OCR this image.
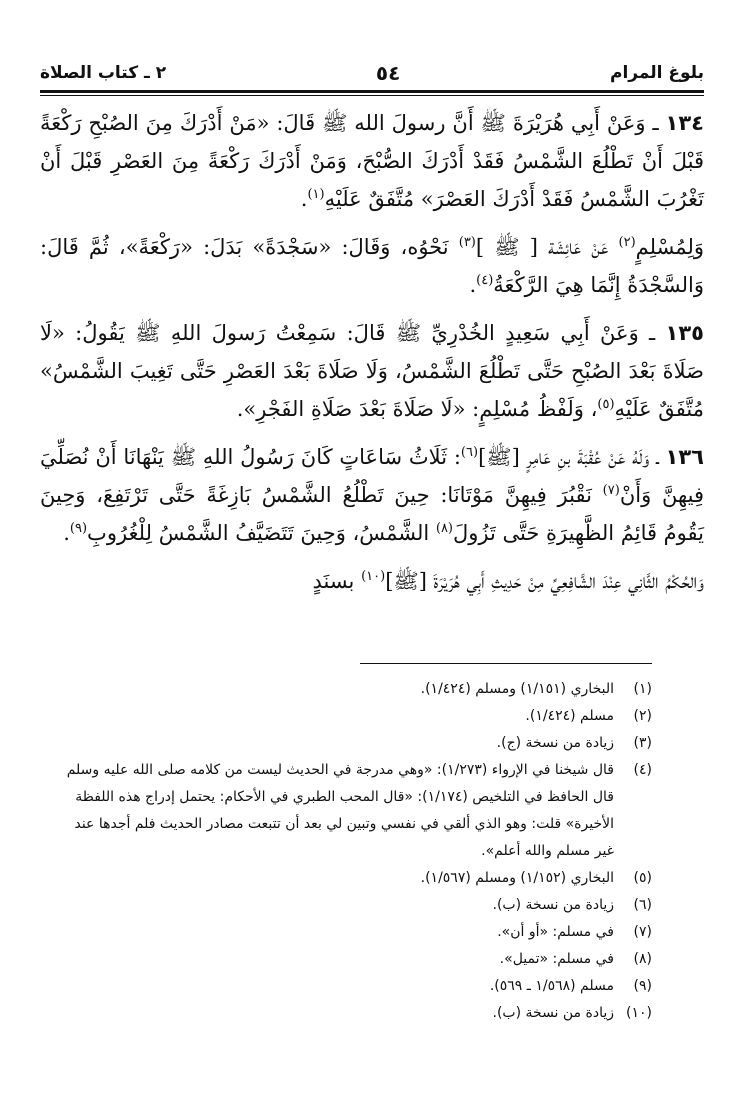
بلوغ المرام
٥٤
٢ ـ كتاب الصلاة

١٣٤ ـ وَعَنْ أَبِي هُرَيْرَةَ ﷺ أَنَّ رسولَ الله ﷺ قَالَ: «مَنْ أَدْرَكَ مِنَ الصُبْحِ رَكْعَةً قَبْلَ أَنْ تَطْلُعَ الشَّمْسُ فَقَدْ أَدْرَكَ الصُّبْحَ، وَمَنْ أَدْرَكَ رَكْعَةً مِنَ العَصْرِ قَبْلَ أَنْ تَغْرُبَ الشَّمْسُ فَقَدْ أَدْرَكَ العَصْرَ» مُتَّفَقٌ عَلَيْهِ$^{(١)}$.

وَلِمُسْلِمٍ$^{(٢)}$ عَنْ عَائِشَة [ ﷺ ]$^{(٣)}$ نَحْوُه، وَقَالَ: «سَجْدَةً» بَدَلَ: «رَكْعَةً»، ثُمَّ قَالَ: وَالسَّجْدَةُ إِنَّمَا هِيَ الرَّكْعَةُ$^{(٤)}$.

١٣٥ ـ وَعَنْ أَبِي سَعِيدٍ الخُدْرِيِّ ﷺ قَالَ: سَمِعْتُ رَسولَ اللهِ ﷺ يَقُولُ: «لَا صَلَاةَ بَعْدَ الصُبْحِ حَتَّى تَطْلُعَ الشَّمْسُ، وَلَا صَلَاةَ بَعْدَ العَصْرِ حَتَّى تَغِيبَ الشَّمْسُ» مُتَّفَقٌ عَلَيْهِ$^{(٥)}$، وَلَفْظُ مُسْلِمٍ: «لَا صَلَاةَ بَعْدَ صَلَاةِ الفَجْرِ».

١٣٦ ـ وَلَهُ عَنْ عُقْبَةَ بنِ عَامِرٍ [ﷺ]$^{(٦)}$: ثَلَاثُ سَاعَاتٍ كَانَ رَسُولُ اللهِ ﷺ يَنْهَانَا أَنْ نُصَلِّيَ فِيهِنَّ وَأَنْ$^{(٧)}$ نَقْبُرَ فِيهِنَّ مَوْتَانَا: حِينَ تَطْلُعُ الشَّمْسُ بَازِغَةً حَتَّى تَرْتَفِعَ، وَحِينَ يَقُومُ قَائِمُ الظَّهِيرَةِ حَتَّى تَزُولَ$^{(٨)}$ الشَّمْسُ، وَحِينَ تَتَضَيَّفُ الشَّمْسُ لِلْغُرُوبِ$^{(٩)}$.

وَالحُكْمُ الثَّانِي عِنْدَ الشَّافِعِيِّ مِنْ حَدِيثِ أَبِي هُرَيْرَةَ [ﷺ]$^{(١٠)}$ بسنَدٍ

(١)
البخاري (١/١٥١) ومسلم (١/٤٢٤).
(٢)
مسلم (١/٤٢٤).
(٣)
زيادة من نسخة (ج).
(٤)
قال شيخنا في الإرواء (١/٢٧٣): «وهي مدرجة في الحديث ليست من كلامه صلى الله عليه وسلم قال الحافظ في التلخيص (١/١٧٤): «قال المحب الطبري في الأحكام: يحتمل إدراج هذه اللفظة الأخيرة» قلت: وهو الذي ألقي في نفسي وتبين لي بعد أن تتبعت مصادر الحديث فلم أجدها عند غير مسلم والله أعلم».
(٥)
البخاري (١/١٥٢) ومسلم (١/٥٦٧).
(٦)
زيادة من نسخة (ب).
(٧)
في مسلم: «أو أن».
(٨)
في مسلم: «تميل».
(٩)
مسلم (١/٥٦٨ ـ ٥٦٩).
(١٠)
زيادة من نسخة (ب).
